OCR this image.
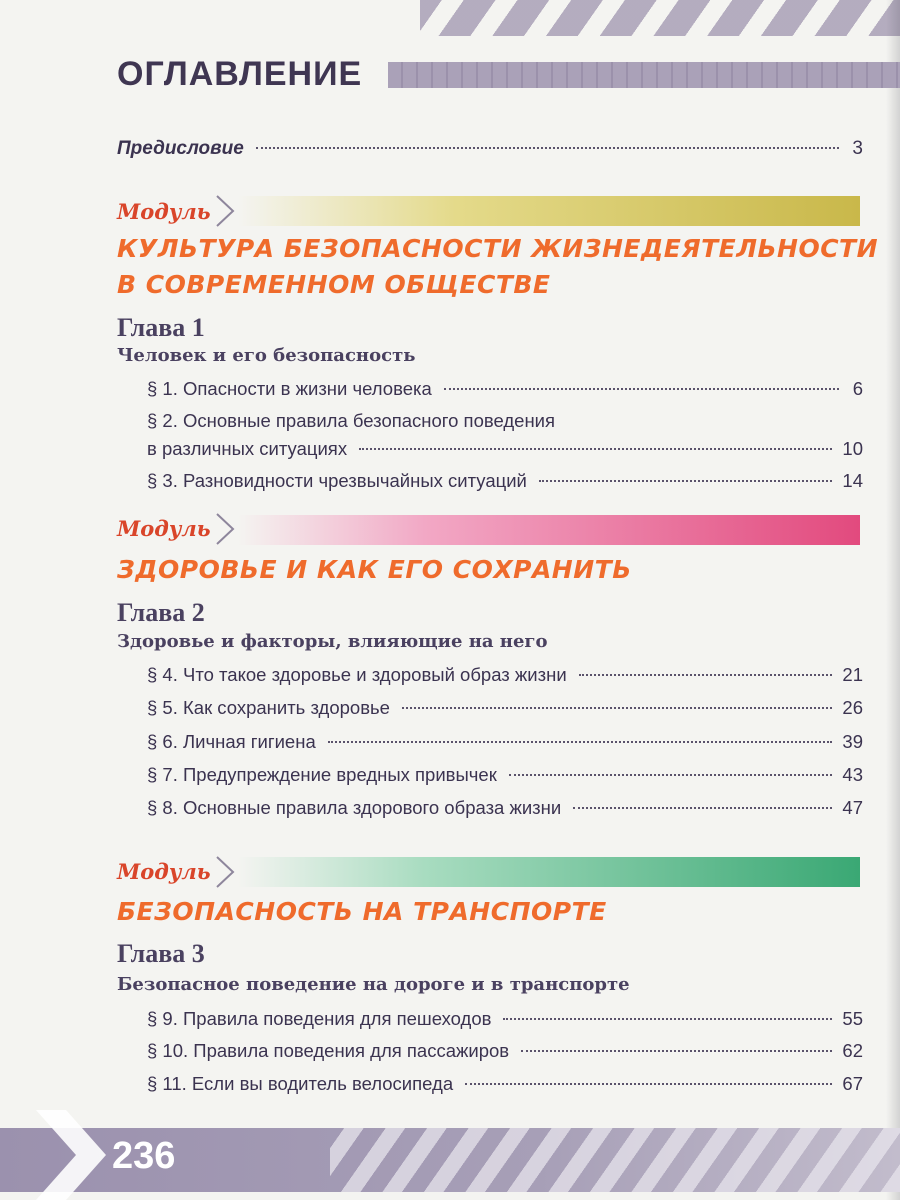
ОГЛАВЛЕНИЕ
Предисловие	3
Модуль
КУЛЬТУРА БЕЗОПАСНОСТИ ЖИЗНЕДЕЯТЕЛЬНОСТИ
В СОВРЕМЕННОМ ОБЩЕСТВЕ
Глава 1
Человек и его безопасность
§ 1. Опасности в жизни человека	6
§ 2. Основные правила безопасного поведения
в различных ситуациях	10
§ 3. Разновидности чрезвычайных ситуаций	14
Модуль
ЗДОРОВЬЕ И КАК ЕГО СОХРАНИТЬ
Глава 2
Здоровье и факторы, влияющие на него
§ 4. Что такое здоровье и здоровый образ жизни	21
§ 5. Как сохранить здоровье	26
§ 6. Личная гигиена	39
§ 7. Предупреждение вредных привычек	43
§ 8. Основные правила здорового образа жизни	47
Модуль
БЕЗОПАСНОСТЬ НА ТРАНСПОРТЕ
Глава 3
Безопасное поведение на дороге и в транспорте
§ 9. Правила поведения для пешеходов	55
§ 10. Правила поведения для пассажиров	62
§ 11. Если вы водитель велосипеда	67
236
